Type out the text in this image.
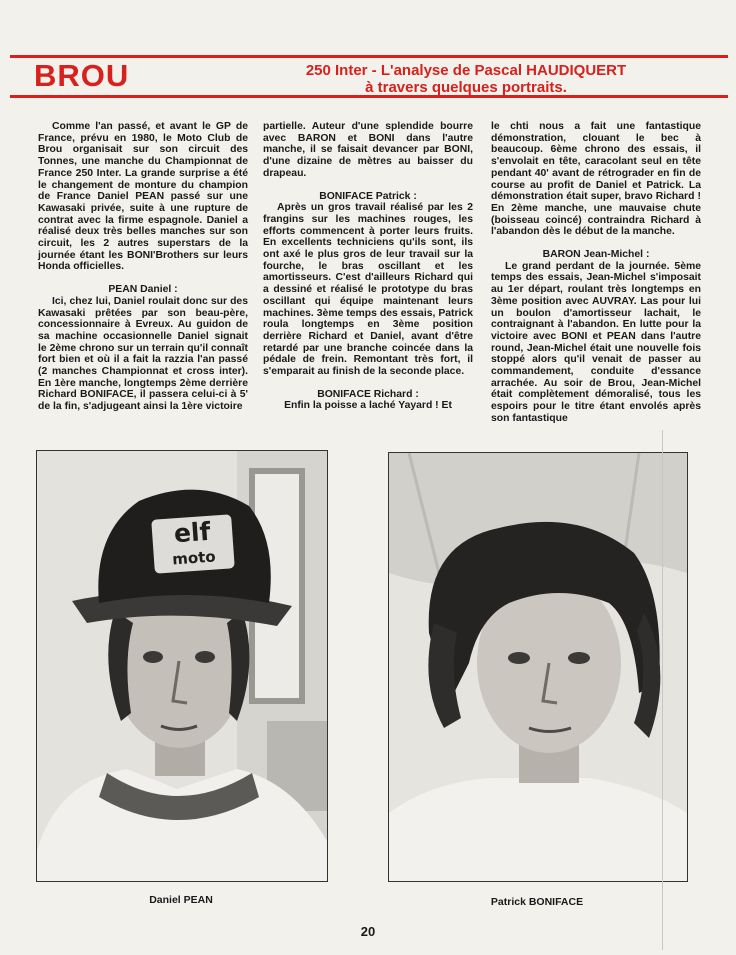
BROU	250 Inter - L'analyse de Pascal HAUDIQUERT
à travers quelques portraits.

Comme l'an passé, et avant le GP de France, prévu en 1980, le Moto Club de Brou organisait sur son circuit des Tonnes, une manche du Championnat de France 250 Inter. La grande surprise a été le changement de monture du champion de France Daniel PEAN passé sur une Kawasaki privée, suite à une rupture de contrat avec la firme espagnole. Daniel a réalisé deux très belles manches sur son circuit, les 2 autres superstars de la journée étant les BONI'Brothers sur leurs Honda officielles.

PEAN Daniel :

Ici, chez lui, Daniel roulait donc sur des Kawasaki prêtées par son beau-père, concessionnaire à Evreux. Au guidon de sa machine occasionnelle Daniel signait le 2ème chrono sur un terrain qu'il connaît fort bien et où il a fait la razzia l'an passé (2 manches Championnat et cross inter). En 1ère manche, longtemps 2ème derrière Richard BONIFACE, il passera celui-ci à 5' de la fin, s'adjugeant ainsi la 1ère victoire

partielle. Auteur d'une splendide bourre avec BARON et BONI dans l'autre manche, il se faisait devancer par BONI, d'une dizaine de mètres au baisser du drapeau.

BONIFACE Patrick :

Après un gros travail réalisé par les 2 frangins sur les machines rouges, les efforts commencent à porter leurs fruits. En excellents techniciens qu'ils sont, ils ont axé le plus gros de leur travail sur la fourche, le bras oscillant et les amortisseurs. C'est d'ailleurs Richard qui a dessiné et réalisé le prototype du bras oscillant qui équipe maintenant leurs machines. 3ème temps des essais, Patrick roula longtemps en 3ème position derrière Richard et Daniel, avant d'être retardé par une branche coincée dans la pédale de frein. Remontant très fort, il s'emparait au finish de la seconde place.

BONIFACE Richard :

Enfin la poisse a laché Yayard ! Et

le chti nous a fait une fantastique démonstration, clouant le bec à beaucoup. 6ème chrono des essais, il s'envolait en tête, caracolant seul en tête pendant 40' avant de rétrograder en fin de course au profit de Daniel et Patrick. La démonstration était super, bravo Richard ! En 2ème manche, une mauvaise chute (boisseau coincé) contraindra Richard à l'abandon dès le début de la manche.

BARON Jean-Michel :

Le grand perdant de la journée. 5ème temps des essais, Jean-Michel s'imposait au 1er départ, roulant très longtemps en 3ème position avec AUVRAY. Las pour lui un boulon d'amortisseur lachait, le contraignant à l'abandon. En lutte pour la victoire avec BONI et PEAN dans l'autre round, Jean-Michel était une nouvelle fois stoppé alors qu'il venait de passer au commandement, conduite d'essance arrachée. Au soir de Brou, Jean-Michel était complètement démoralisé, tous les espoirs pour le titre étant envolés après son fantastique

elf
moto
Daniel PEAN	Patrick BONIFACE
20
